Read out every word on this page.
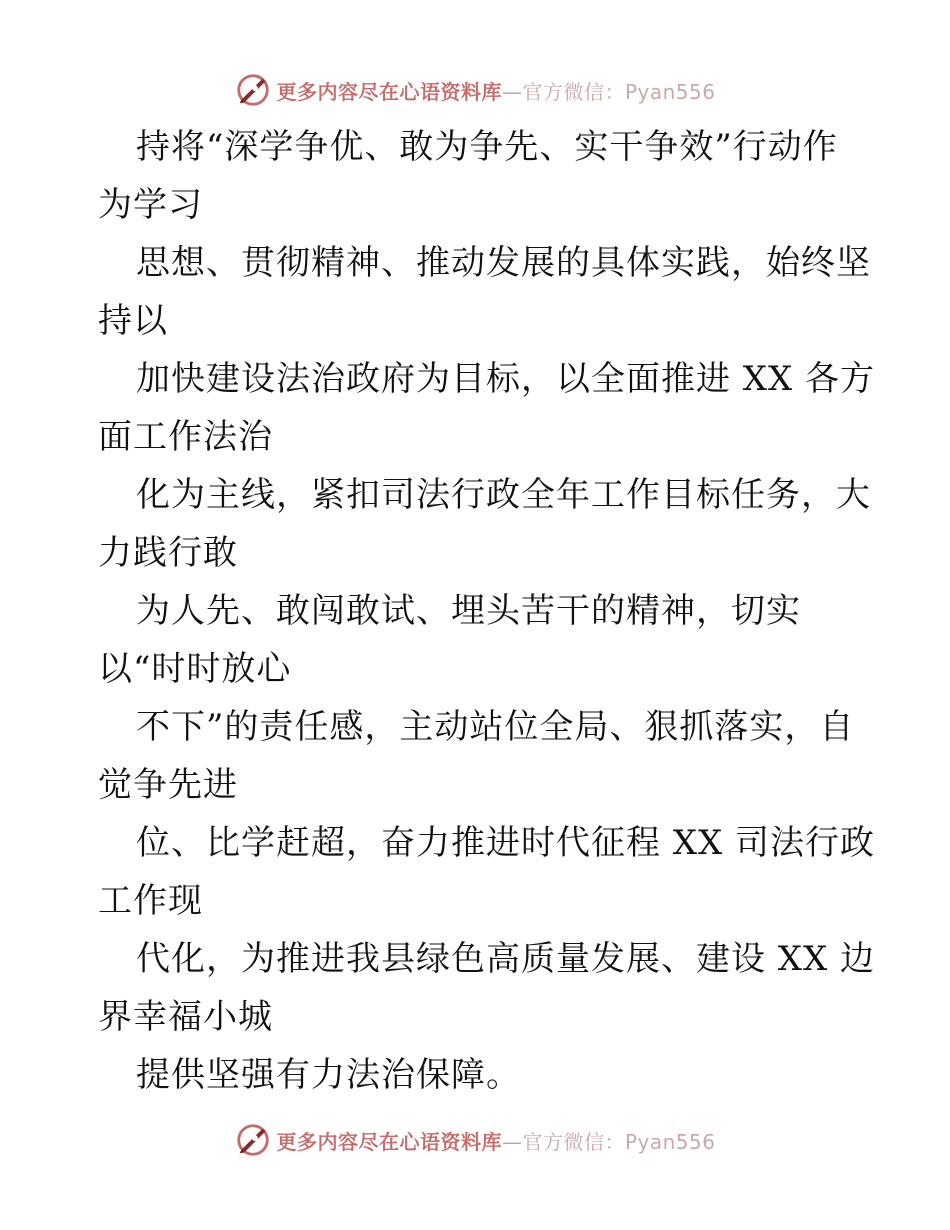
更多内容尽在心语资料库—官方微信：Pyan556
持将“深学争优、敢为争先、实干争效”行动作
为学习
思想、贯彻精神、推动发展的具体实践，始终坚
持以
加快建设法治政府为目标，以全面推进 XX 各方
面工作法治
化为主线，紧扣司法行政全年工作目标任务，大
力践行敢
为人先、敢闯敢试、埋头苦干的精神，切实
以“时时放心
不下”的责任感，主动站位全局、狠抓落实，自
觉争先进
位、比学赶超，奋力推进时代征程 XX 司法行政
工作现
代化，为推进我县绿色高质量发展、建设 XX 边
界幸福小城
提供坚强有力法治保障。
更多内容尽在心语资料库—官方微信：Pyan556
